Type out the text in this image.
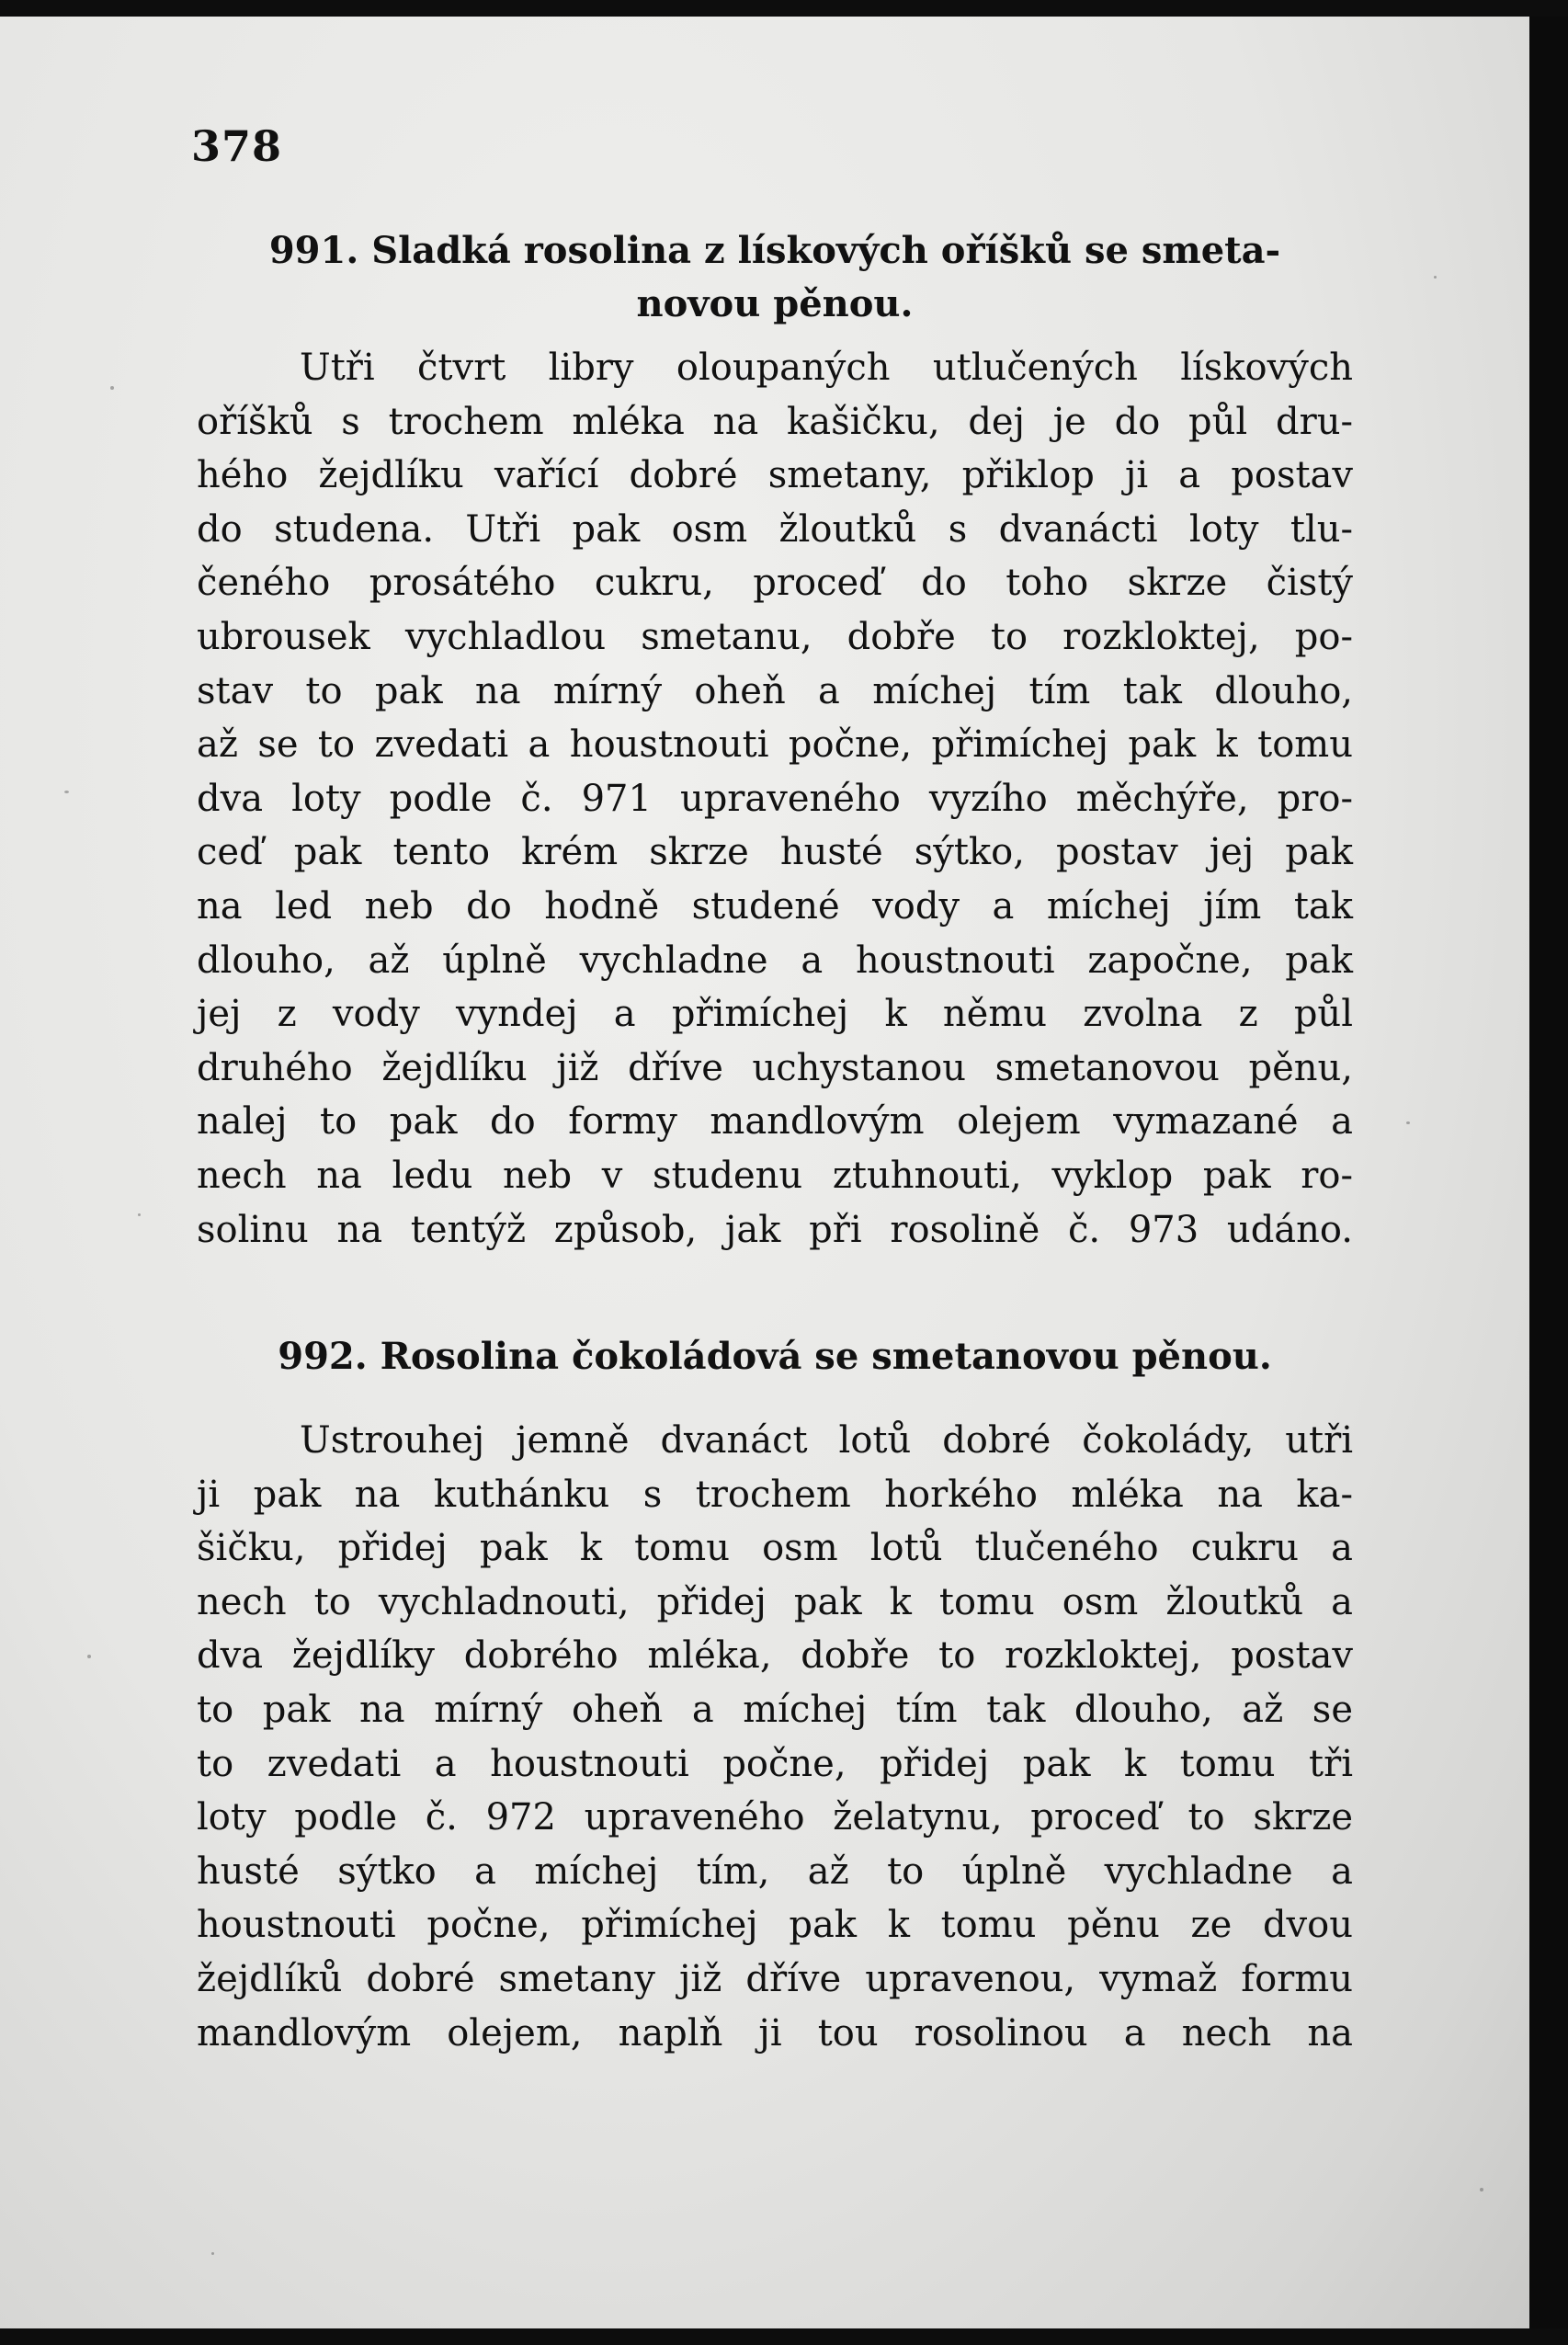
378
991. Sladká rosolina z lískových oříšků se smeta-
novou pěnou.
Utři čtvrt libry oloupaných utlučených lískových
oříšků s trochem mléka na kašičku, dej je do půl dru-
hého žejdlíku vařící dobré smetany, přiklop ji a postav
do studena. Utři pak osm žloutků s dvanácti loty tlu-
čeného prosátého cukru, proceď do toho skrze čistý
ubrousek vychladlou smetanu, dobře to rozkloktej, po-
stav to pak na mírný oheň a míchej tím tak dlouho,
až se to zvedati a houstnouti počne, přimíchej pak k tomu
dva loty podle č. 971 upraveného vyzího měchýře, pro-
ceď pak tento krém skrze husté sýtko, postav jej pak
na led neb do hodně studené vody a míchej jím tak
dlouho, až úplně vychladne a houstnouti započne, pak
jej z vody vyndej a přimíchej k němu zvolna z půl
druhého žejdlíku již dříve uchystanou smetanovou pěnu,
nalej to pak do formy mandlovým olejem vymazané a
nech na ledu neb v studenu ztuhnouti, vyklop pak ro-
solinu na tentýž způsob, jak při rosolině č. 973 udáno.
992. Rosolina čokoládová se smetanovou pěnou.
Ustrouhej jemně dvanáct lotů dobré čokolády, utři
ji pak na kuthánku s trochem horkého mléka na ka-
šičku, přidej pak k tomu osm lotů tlučeného cukru a
nech to vychladnouti, přidej pak k tomu osm žloutků a
dva žejdlíky dobrého mléka, dobře to rozkloktej, postav
to pak na mírný oheň a míchej tím tak dlouho, až se
to zvedati a houstnouti počne, přidej pak k tomu tři
loty podle č. 972 upraveného želatynu, proceď to skrze
husté sýtko a míchej tím, až to úplně vychladne a
houstnouti počne, přimíchej pak k tomu pěnu ze dvou
žejdlíků dobré smetany již dříve upravenou, vymaž formu
mandlovým olejem, naplň ji tou rosolinou a nech na
